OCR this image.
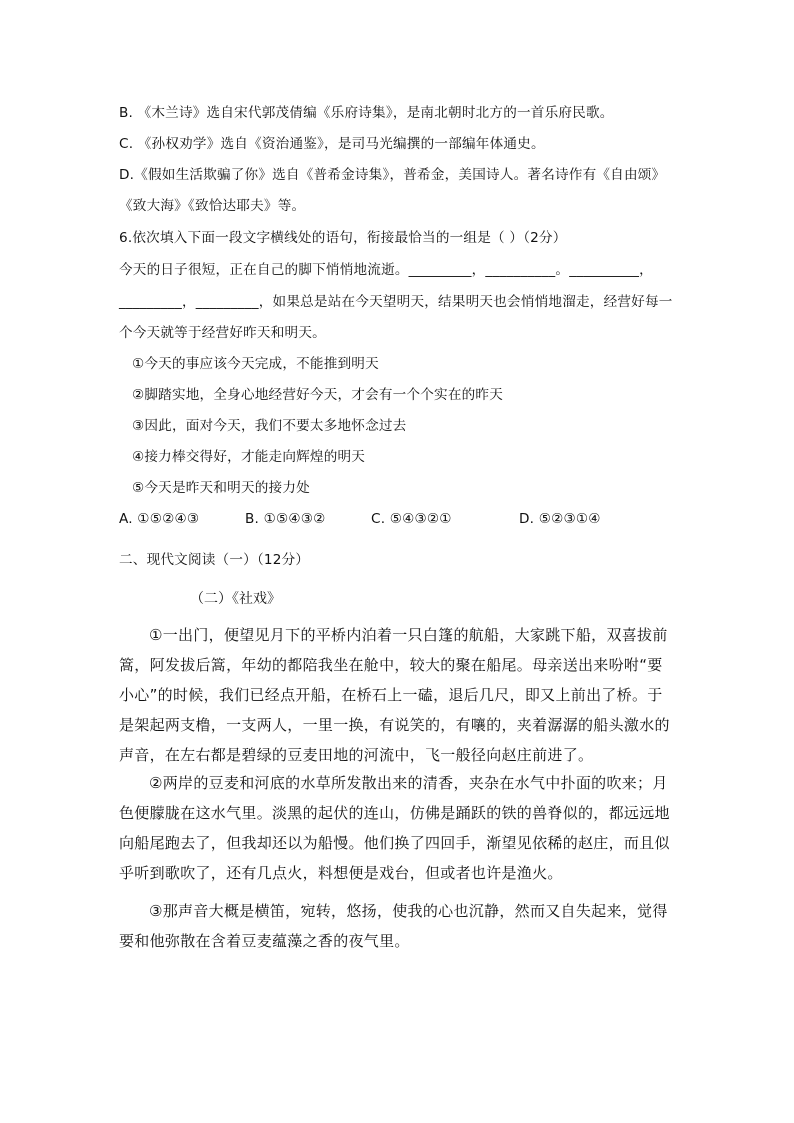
B. 《木兰诗》选自宋代郭茂倩编《乐府诗集》，是南北朝时北方的一首乐府民歌。
C. 《孙权劝学》选自《资治通鉴》，是司马光编撰的一部编年体通史。
D.《假如生活欺骗了你》选自《普希金诗集》，普希金，美国诗人。著名诗作有《自由颂》
《致大海》《致恰达耶夫》等。
6.依次填入下面一段文字横线处的语句，衔接最恰当的一组是（ ）（2分）
今天的日子很短，正在自己的脚下悄悄地流逝。_________，__________。__________，
_________，_________，如果总是站在今天望明天，结果明天也会悄悄地溜走，经营好每一
个今天就等于经营好昨天和明天。
①今天的事应该今天完成，不能推到明天
②脚踏实地，全身心地经营好今天，才会有一个个实在的昨天
③因此，面对今天，我们不要太多地怀念过去
④接力棒交得好，才能走向辉煌的明天
⑤今天是昨天和明天的接力处
A. ①⑤②④③	B. ①⑤④③②	C. ⑤④③②①	D. ⑤②③①④
二、现代文阅读（一）（12分）
（二）《社戏》
①一出门，便望见月下的平桥内泊着一只白篷的航船，大家跳下船，双喜拔前篙，阿发拔后篙，年幼的都陪我坐在舱中，较大的聚在船尾。母亲送出来吩咐“要小心”的时候，我们已经点开船，在桥石上一磕，退后几尺，即又上前出了桥。于是架起两支橹，一支两人，一里一换，有说笑的，有嚷的，夹着潺潺的船头激水的声音，在左右都是碧绿的豆麦田地的河流中，飞一般径向赵庄前进了。
②两岸的豆麦和河底的水草所发散出来的清香，夹杂在水气中扑面的吹来；月色便朦胧在这水气里。淡黑的起伏的连山，仿佛是踊跃的铁的兽脊似的，都远远地向船尾跑去了，但我却还以为船慢。他们换了四回手，渐望见依稀的赵庄，而且似乎听到歌吹了，还有几点火，料想便是戏台，但或者也许是渔火。
③那声音大概是横笛，宛转，悠扬，使我的心也沉静，然而又自失起来，觉得要和他弥散在含着豆麦蕴藻之香的夜气里。
